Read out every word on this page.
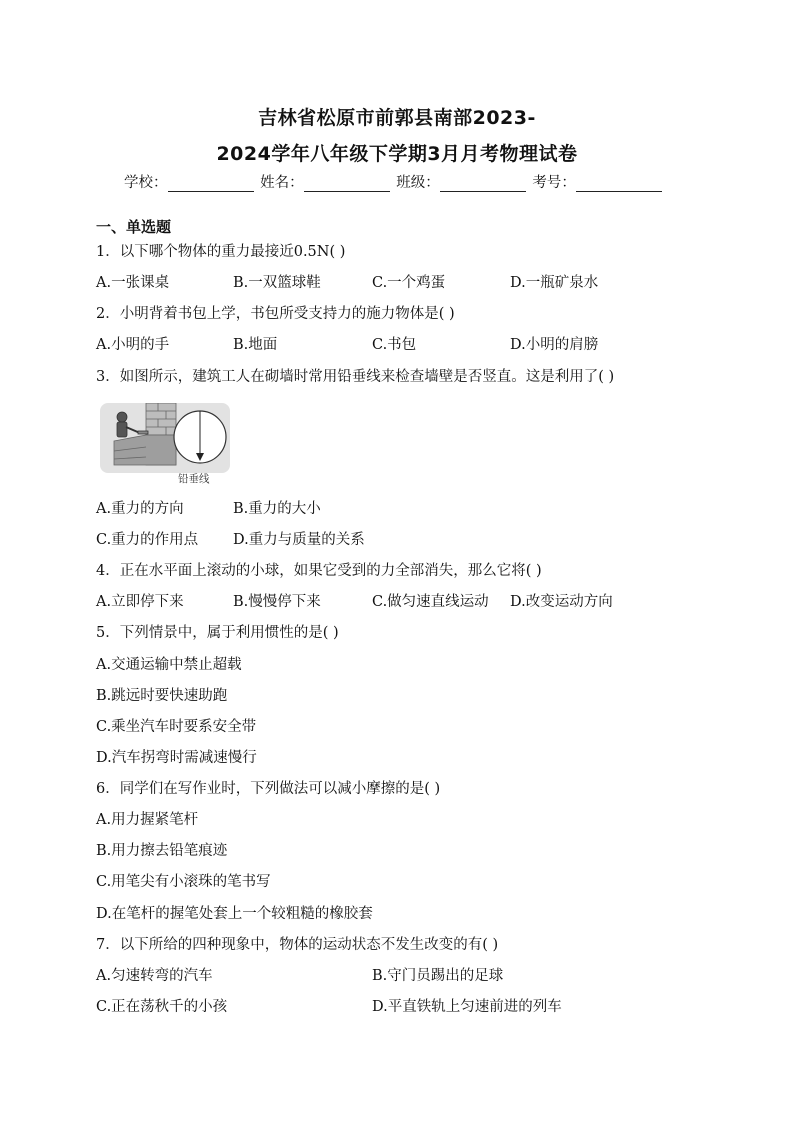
吉林省松原市前郭县南部2023-
2024学年八年级下学期3月月考物理试卷
学校：	姓名：	班级：	考号：
一、单选题
1．以下哪个物体的重力最接近0.5N( )
A.一张课桌	B.一双篮球鞋	C.一个鸡蛋	D.一瓶矿泉水
2．小明背着书包上学，书包所受支持力的施力物体是( )
A.小明的手	B.地面	C.书包	D.小明的肩膀
3．如图所示，建筑工人在砌墙时常用铅垂线来检查墙壁是否竖直。这是利用了( )
铅垂线
A.重力的方向	B.重力的大小
C.重力的作用点 D.重力与质量的关系
4．正在水平面上滚动的小球，如果它受到的力全部消失，那么它将( )
A.立即停下来	B.慢慢停下来	C.做匀速直线运动 D.改变运动方向
5．下列情景中，属于利用惯性的是( )
A.交通运输中禁止超载
B.跳远时要快速助跑
C.乘坐汽车时要系安全带
D.汽车拐弯时需减速慢行
6．同学们在写作业时，下列做法可以减小摩擦的是( )
A.用力握紧笔杆
B.用力擦去铅笔痕迹
C.用笔尖有小滚珠的笔书写
D.在笔杆的握笔处套上一个较粗糙的橡胶套
7．以下所给的四种现象中，物体的运动状态不发生改变的有( )
A.匀速转弯的汽车	B.守门员踢出的足球
C.正在荡秋千的小孩	D.平直铁轨上匀速前进的列车
